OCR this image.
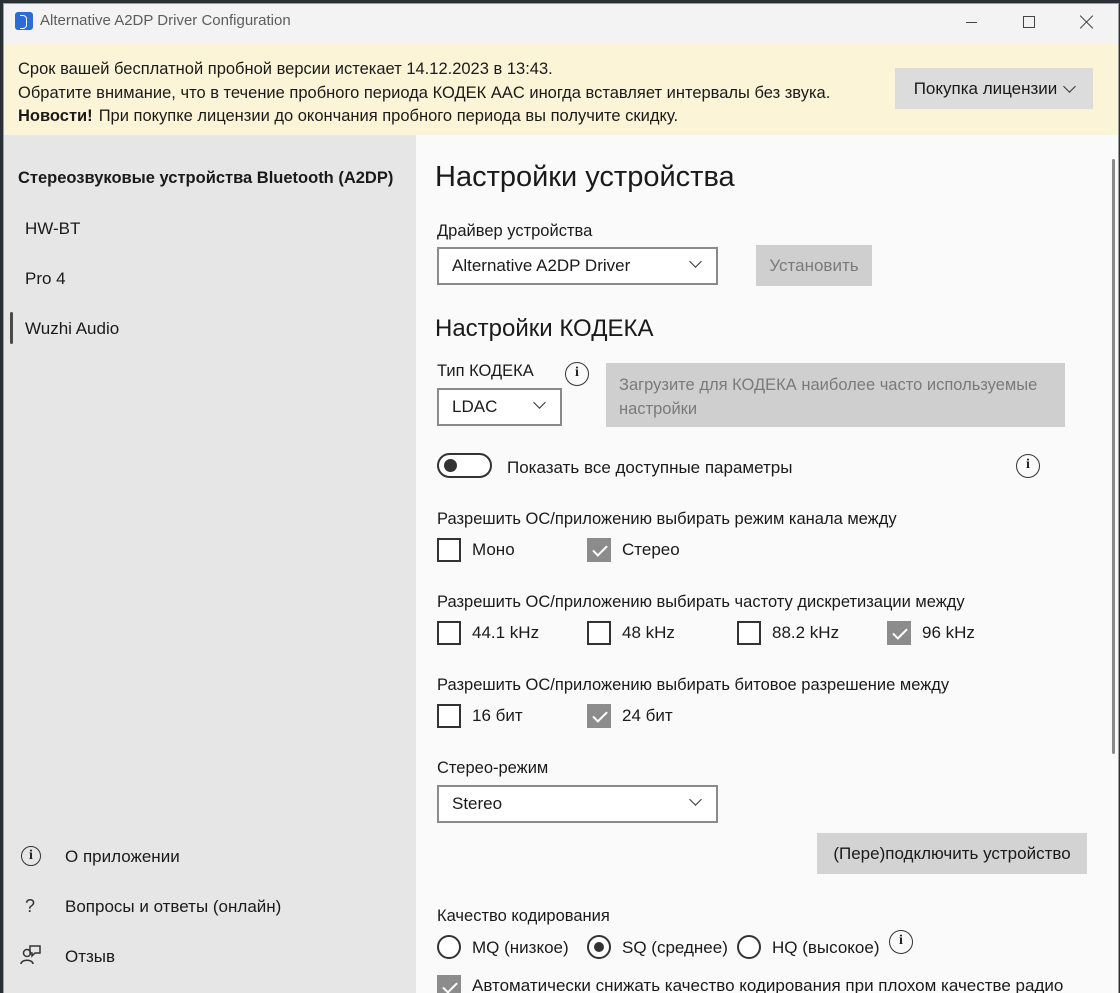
Alternative A2DP Driver Configuration
Срок вашей бесплатной пробной версии истекает 14.12.2023 в 13:43.
Обратите внимание, что в течение пробного периода КОДЕК AAC иногда вставляет интервалы без звука.
Новости! При покупке лицензии до окончания пробного периода вы получите скидку.
Покупка лицензии
Стереозвуковые устройства Bluetooth (A2DP)
HW-BT
Pro 4
Wuzhi Audio
i	О приложении
? Вопросы и ответы (онлайн)
Отзыв
Настройки устройства
Драйвер устройства
Alternative A2DP Driver	Установить
Настройки КОДЕКА
Тип КОДЕКА	i
LDAC
Загрузите для КОДЕКА наиболее часто используемые настройки
Показать все доступные параметры	i
Разрешить ОС/приложению выбирать режим канала между
Моно	Стерео
Разрешить ОС/приложению выбирать частоту дискретизации между
44.1 kHz	48 kHz	88.2 kHz	96 kHz
Разрешить ОС/приложению выбирать битовое разрешение между
16 бит	24 бит
Стерео-режим
Stereo
(Пере)подключить устройство
Качество кодирования
MQ (низкое)	SQ (среднее)	HQ (высокое)	i
Автоматически снижать качество кодирования при плохом качестве радио
